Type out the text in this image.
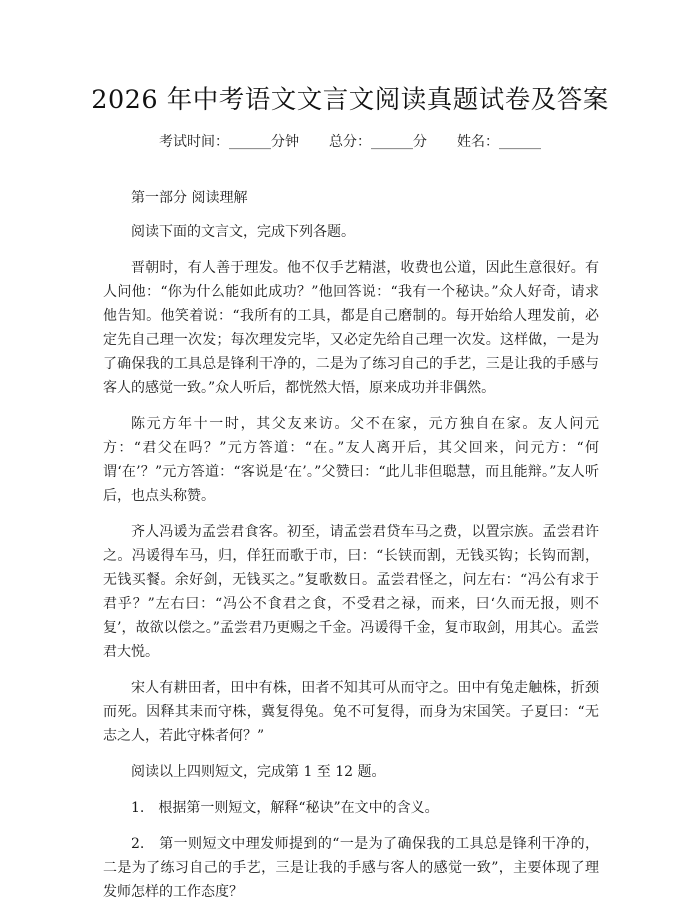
2026 年中考语文文言文阅读真题试卷及答案
考试时间：______分钟 总分：______分 姓名：______

第一部分 阅读理解

阅读下面的文言文，完成下列各题。

晋朝时，有人善于理发。他不仅手艺精湛，收费也公道，因此生意很好。有人问他：“你为什么能如此成功？”他回答说：“我有一个秘诀。”众人好奇，请求他告知。他笑着说：“我所有的工具，都是自己磨制的。每开始给人理发前，必定先自己理一次发；每次理发完毕，又必定先给自己理一次发。这样做，一是为了确保我的工具总是锋利干净的，二是为了练习自己的手艺，三是让我的手感与客人的感觉一致。”众人听后，都恍然大悟，原来成功并非偶然。

陈元方年十一时，其父友来访。父不在家，元方独自在家。友人问元方：“君父在吗？”元方答道：“在。”友人离开后，其父回来，问元方：“何谓‘在’？”元方答道：“客说是‘在’。”父赞曰：“此儿非但聪慧，而且能辩。”友人听后，也点头称赞。

齐人冯谖为孟尝君食客。初至，请孟尝君贷车马之费，以置宗族。孟尝君许之。冯谖得车马，归，佯狂而歌于市，曰：“长铗而割，无钱买钩；长钩而割，无钱买餐。余好剑，无钱买之。”复歌数日。孟尝君怪之，问左右：“冯公有求于君乎？”左右曰：“冯公不食君之食，不受君之禄，而来，曰‘久而无报，则不复’，故欲以偿之。”孟尝君乃更赐之千金。冯谖得千金，复市取剑，用其心。孟尝君大悦。

宋人有耕田者，田中有株，田者不知其可从而守之。田中有兔走触株，折颈而死。因释其耒而守株，冀复得兔。兔不可复得，而身为宋国笑。子夏曰：“无志之人，若此守株者何？”

阅读以上四则短文，完成第 1 至 12 题。

1.　根据第一则短文，解释“秘诀”在文中的含义。

2.　第一则短文中理发师提到的“一是为了确保我的工具总是锋利干净的，二是为了练习自己的手艺，三是让我的手感与客人的感觉一致”，主要体现了理发师怎样的工作态度？
